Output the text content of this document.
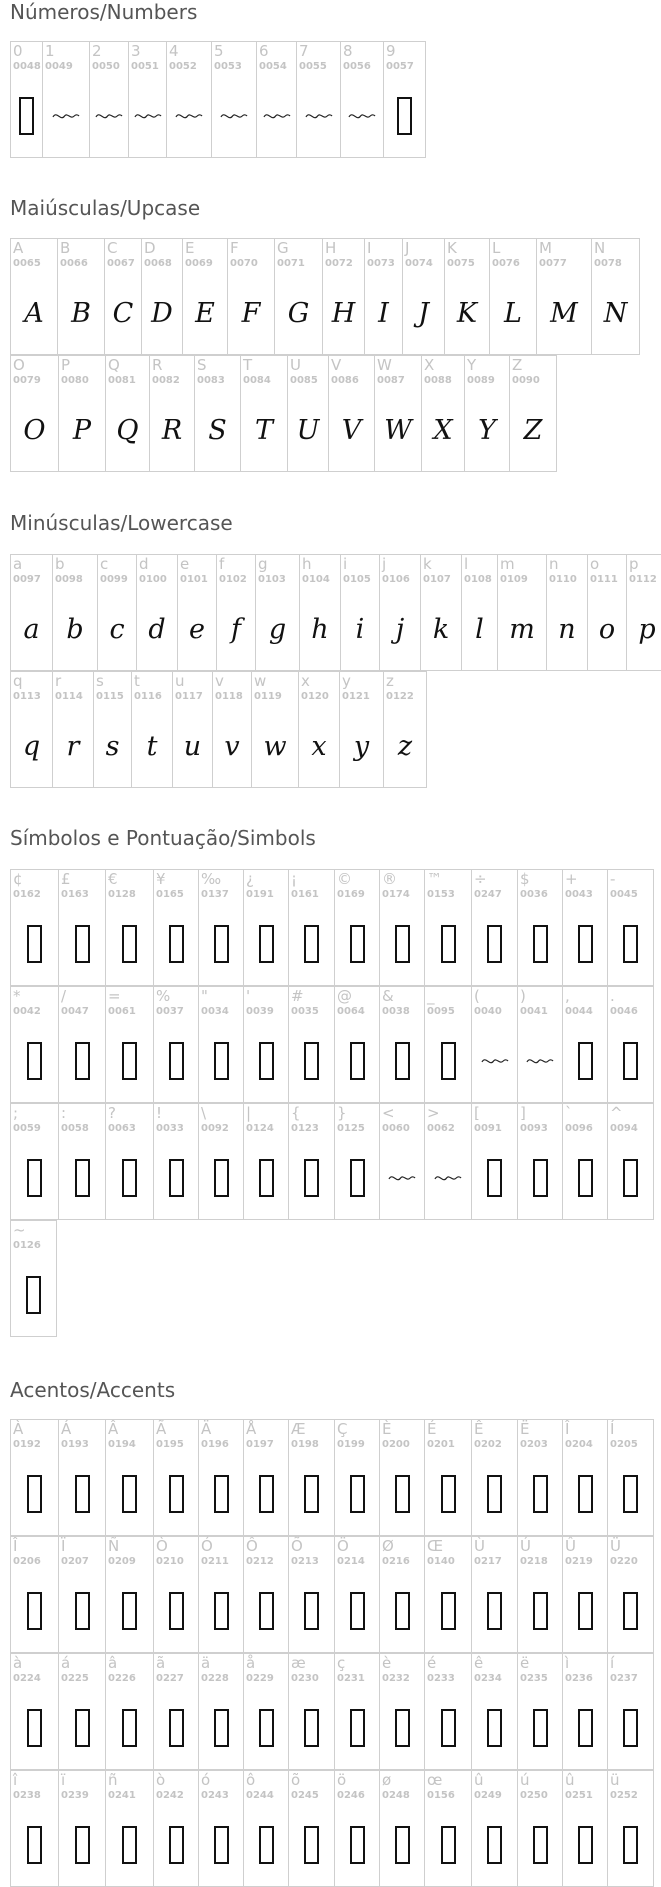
Números/Numbers
0
0048
1
0049
2
0050
3
0051
4
0052
5
0053
6
0054
7
0055
8
0056
9
0057
Maiúsculas/Upcase
A
0065
A
B
0066
B
C
0067
C
D
0068
D
E
0069
E
F
0070
F
G
0071
G
H
0072
H
I
0073
I
J
0074
J
K
0075
K
L
0076
L
M
0077
M
N
0078
N
O
0079
O
P
0080
P
Q
0081
Q
R
0082
R
S
0083
S
T
0084
T
U
0085
U
V
0086
V
W
0087
W
X
0088
X
Y
0089
Y
Z
0090
Z
Minúsculas/Lowercase
a
0097
a
b
0098
b
c
0099
c
d
0100
d
e
0101
e
f
0102
f
g
0103
g
h
0104
h
i
0105
i
j
0106
j
k
0107
k
l
0108
l
m
0109
m
n
0110
n
o
0111
o
p
0112
p
q
0113
q
r
0114
r
s
0115
s
t
0116
t
u
0117
u
v
0118
v
w
0119
w
x
0120
x
y
0121
y
z
0122
z
Símbolos e Pontuação/Simbols
¢
0162
£
0163
€
0128
¥
0165
‰
0137
¿
0191
¡
0161
©
0169
®
0174
™
0153
÷
0247
$
0036
+
0043
-
0045
*
0042
/
0047
=
0061
%
0037
"
0034
'
0039
#
0035
@
0064
&
0038
_
0095
(
0040
)
0041
,
0044
.
0046
;
0059
:
0058
?
0063
!
0033
\
0092
|
0124
{
0123
}
0125
<
0060
>
0062
[
0091
]
0093
`
0096
^
0094
~
0126
Acentos/Accents
À
0192
Á
0193
Â
0194
Ã
0195
Ä
0196
Å
0197
Æ
0198
Ç
0199
È
0200
É
0201
Ê
0202
Ë
0203
Î
0204
Í
0205
Î
0206
Ï
0207
Ñ
0209
Ò
0210
Ó
0211
Ô
0212
Õ
0213
Ö
0214
Ø
0216
Œ
0140
Ù
0217
Ú
0218
Û
0219
Ü
0220
à
0224
á
0225
â
0226
ã
0227
ä
0228
å
0229
æ
0230
ç
0231
è
0232
é
0233
ê
0234
ë
0235
ì
0236
í
0237
î
0238
ï
0239
ñ
0241
ò
0242
ó
0243
ô
0244
õ
0245
ö
0246
ø
0248
œ
0156
û
0249
ú
0250
û
0251
ü
0252
